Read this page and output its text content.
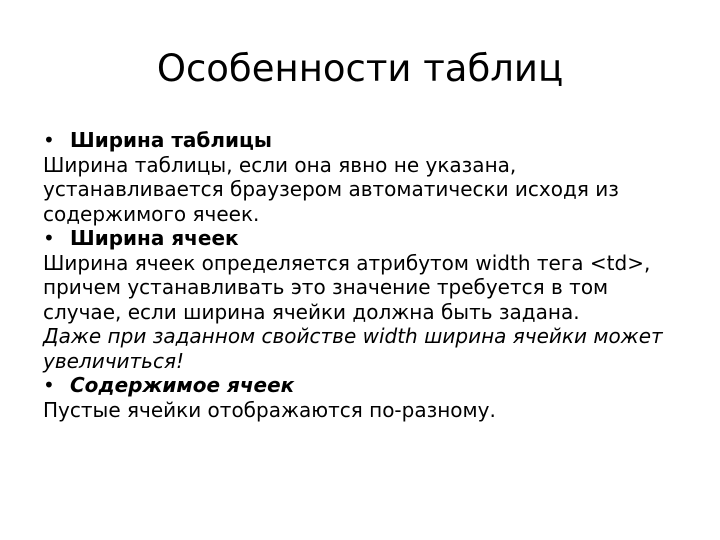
Особенности таблиц
• Ширина таблицы
Ширина таблицы, если она явно не указана,
устанавливается браузером автоматически исходя из
содержимого ячеек.
• Ширина ячеек
Ширина ячеек определяется атрибутом width тега <td>,
причем устанавливать это значение требуется в том
случае, если ширина ячейки должна быть задана.
Даже при заданном свойстве width ширина ячейки может
увеличиться!
• Содержимое ячеек
Пустые ячейки отображаются по-разному.
